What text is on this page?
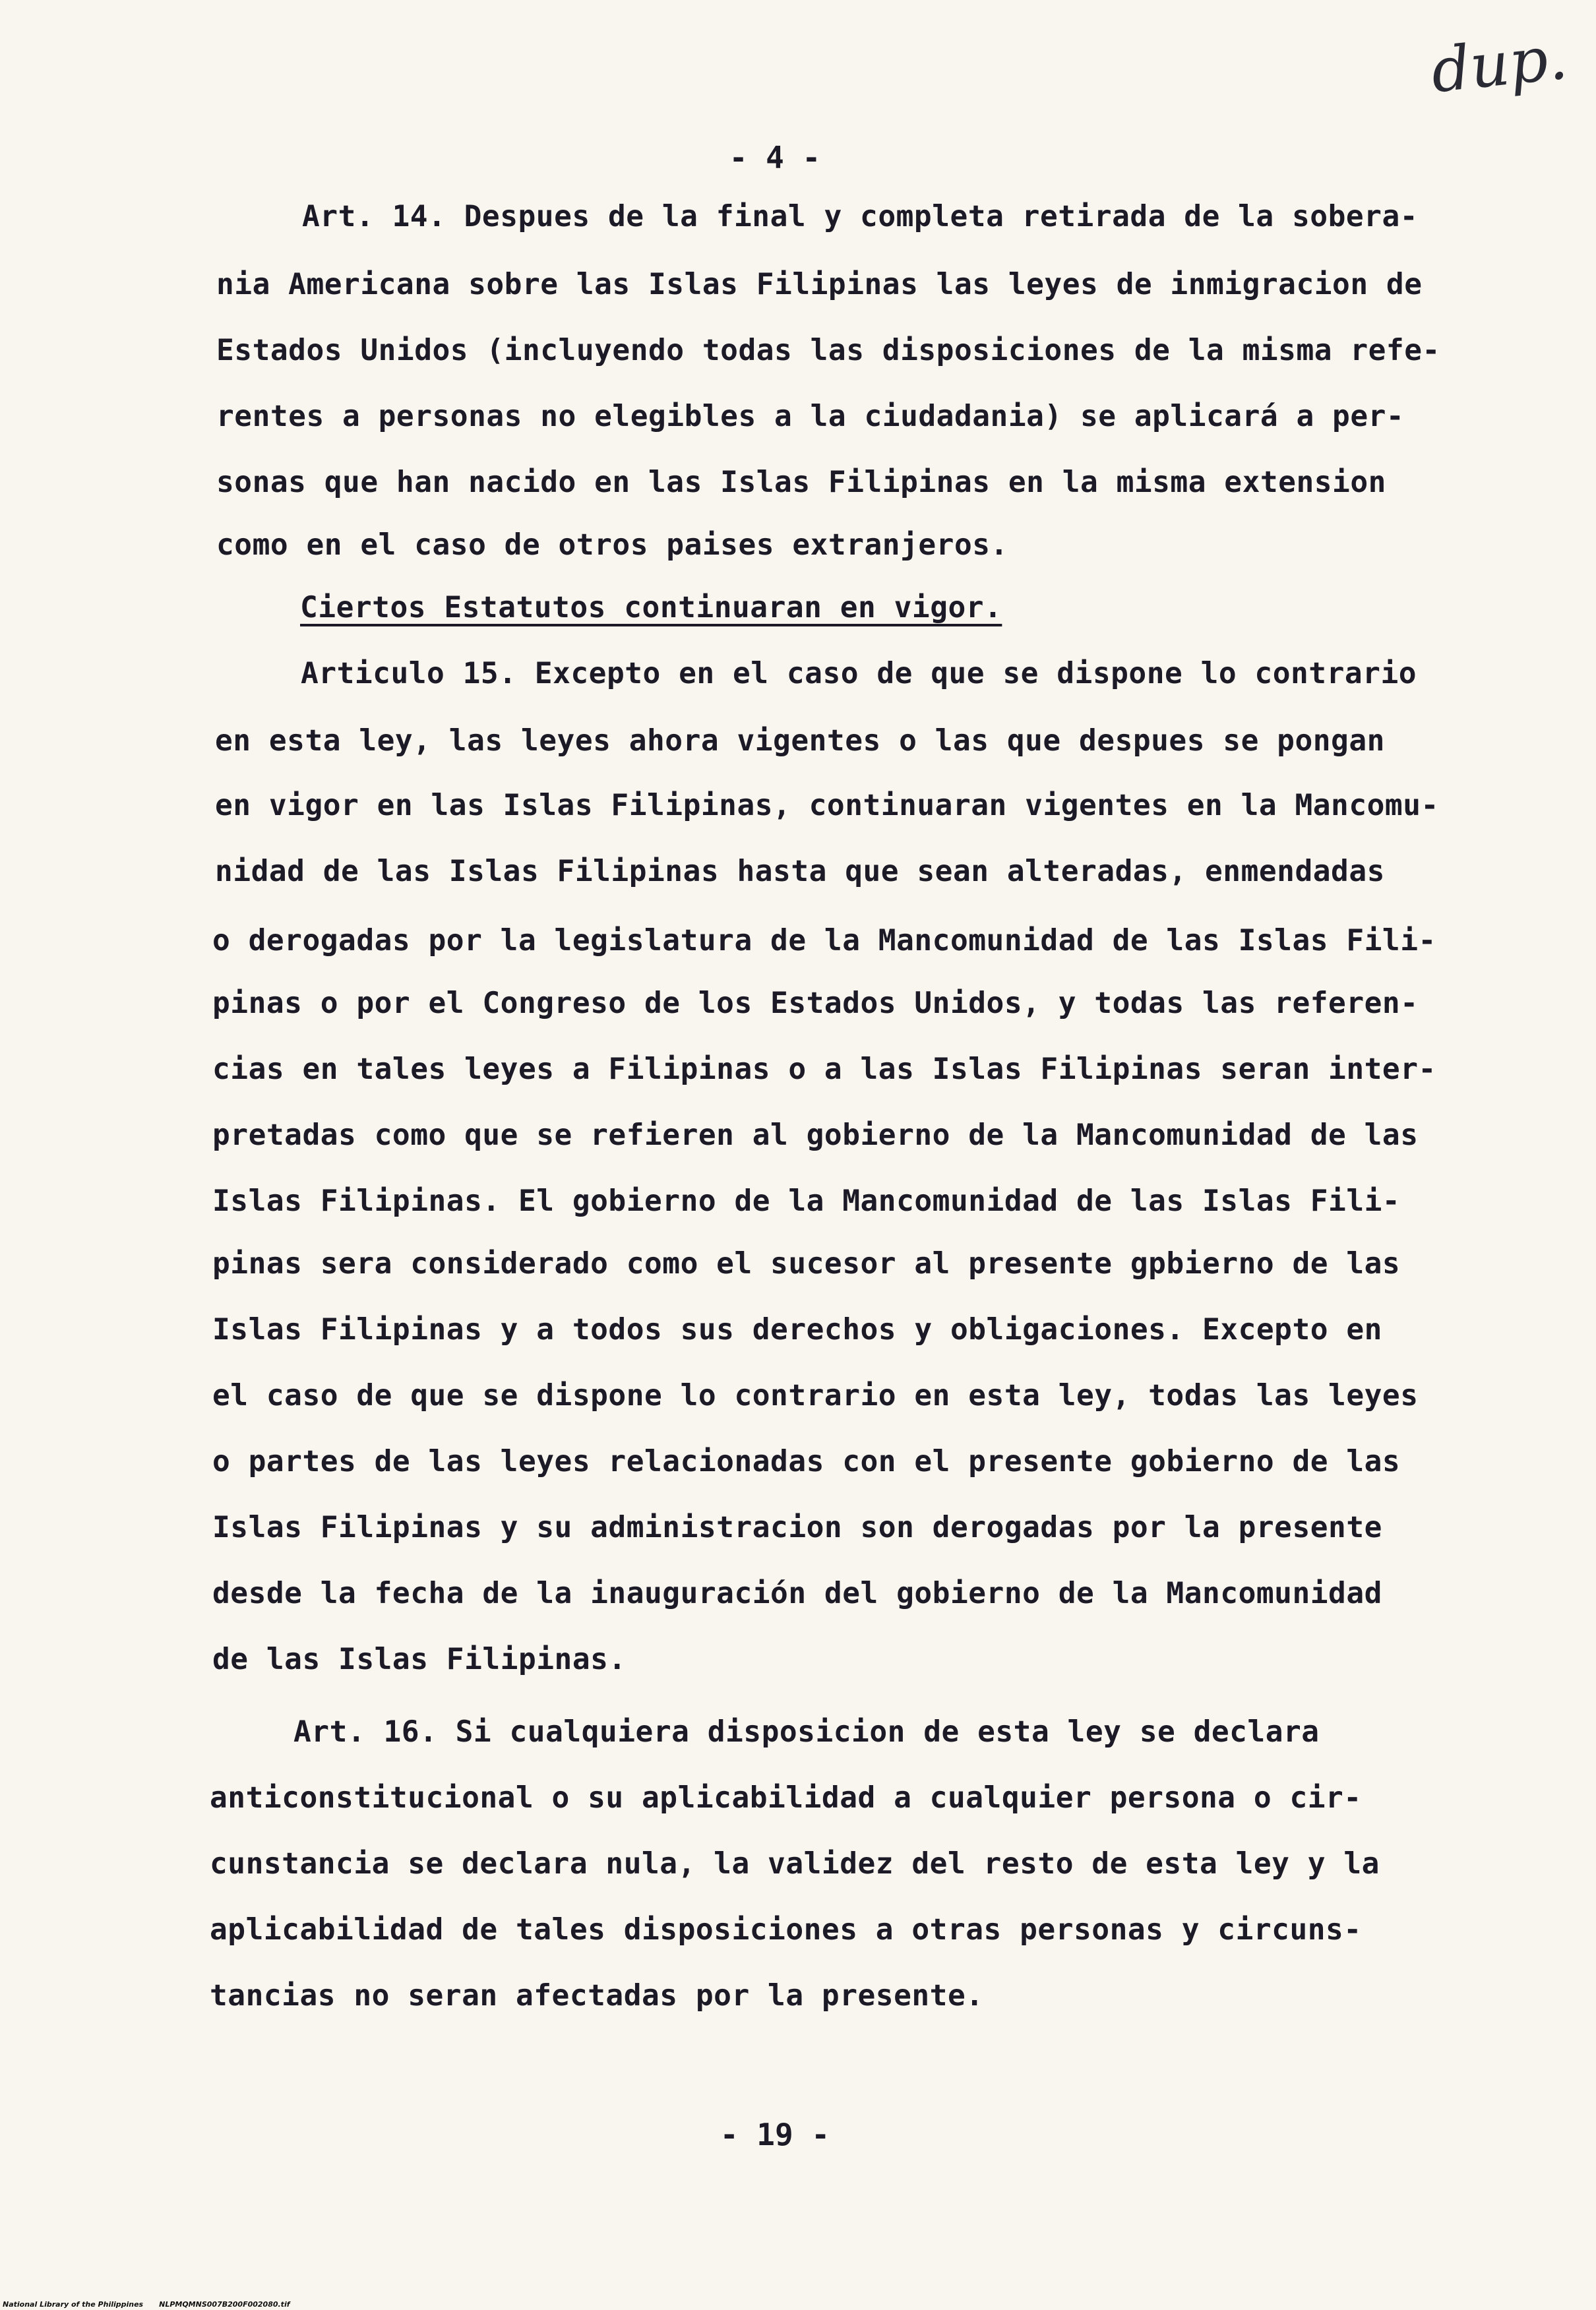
dup.
- 4 -
Art. 14. Despues de la final y completa retirada de la sobera-
nia Americana sobre las Islas Filipinas las leyes de inmigracion de
Estados Unidos (incluyendo todas las disposiciones de la misma refe-
rentes a personas no elegibles a la ciudadania) se aplicará a per-
sonas que han nacido en las Islas Filipinas en la misma extension
como en el caso de otros paises extranjeros.
Ciertos Estatutos continuaran en vigor.
Articulo 15. Excepto en el caso de que se dispone lo contrario
en esta ley, las leyes ahora vigentes o las que despues se pongan
en vigor en las Islas Filipinas, continuaran vigentes en la Mancomu-
nidad de las Islas Filipinas hasta que sean alteradas, enmendadas
o derogadas por la legislatura de la Mancomunidad de las Islas Fili-
pinas o por el Congreso de los Estados Unidos, y todas las referen-
cias en tales leyes a Filipinas o a las Islas Filipinas seran inter-
pretadas como que se refieren al gobierno de la Mancomunidad de las
Islas Filipinas. El gobierno de la Mancomunidad de las Islas Fili-
pinas sera considerado como el sucesor al presente gpbierno de las
Islas Filipinas y a todos sus derechos y obligaciones. Excepto en
el caso de que se dispone lo contrario en esta ley, todas las leyes
o partes de las leyes relacionadas con el presente gobierno de las
Islas Filipinas y su administracion son derogadas por la presente
desde la fecha de la inauguración del gobierno de la Mancomunidad
de las Islas Filipinas.
Art. 16. Si cualquiera disposicion de esta ley se declara
anticonstitucional o su aplicabilidad a cualquier persona o cir-
cunstancia se declara nula, la validez del resto de esta ley y la
aplicabilidad de tales disposiciones a otras personas y circuns-
tancias no seran afectadas por la presente.
- 19 -
National Library of the Philippines NLPMQMNS007B200F002080.tif
